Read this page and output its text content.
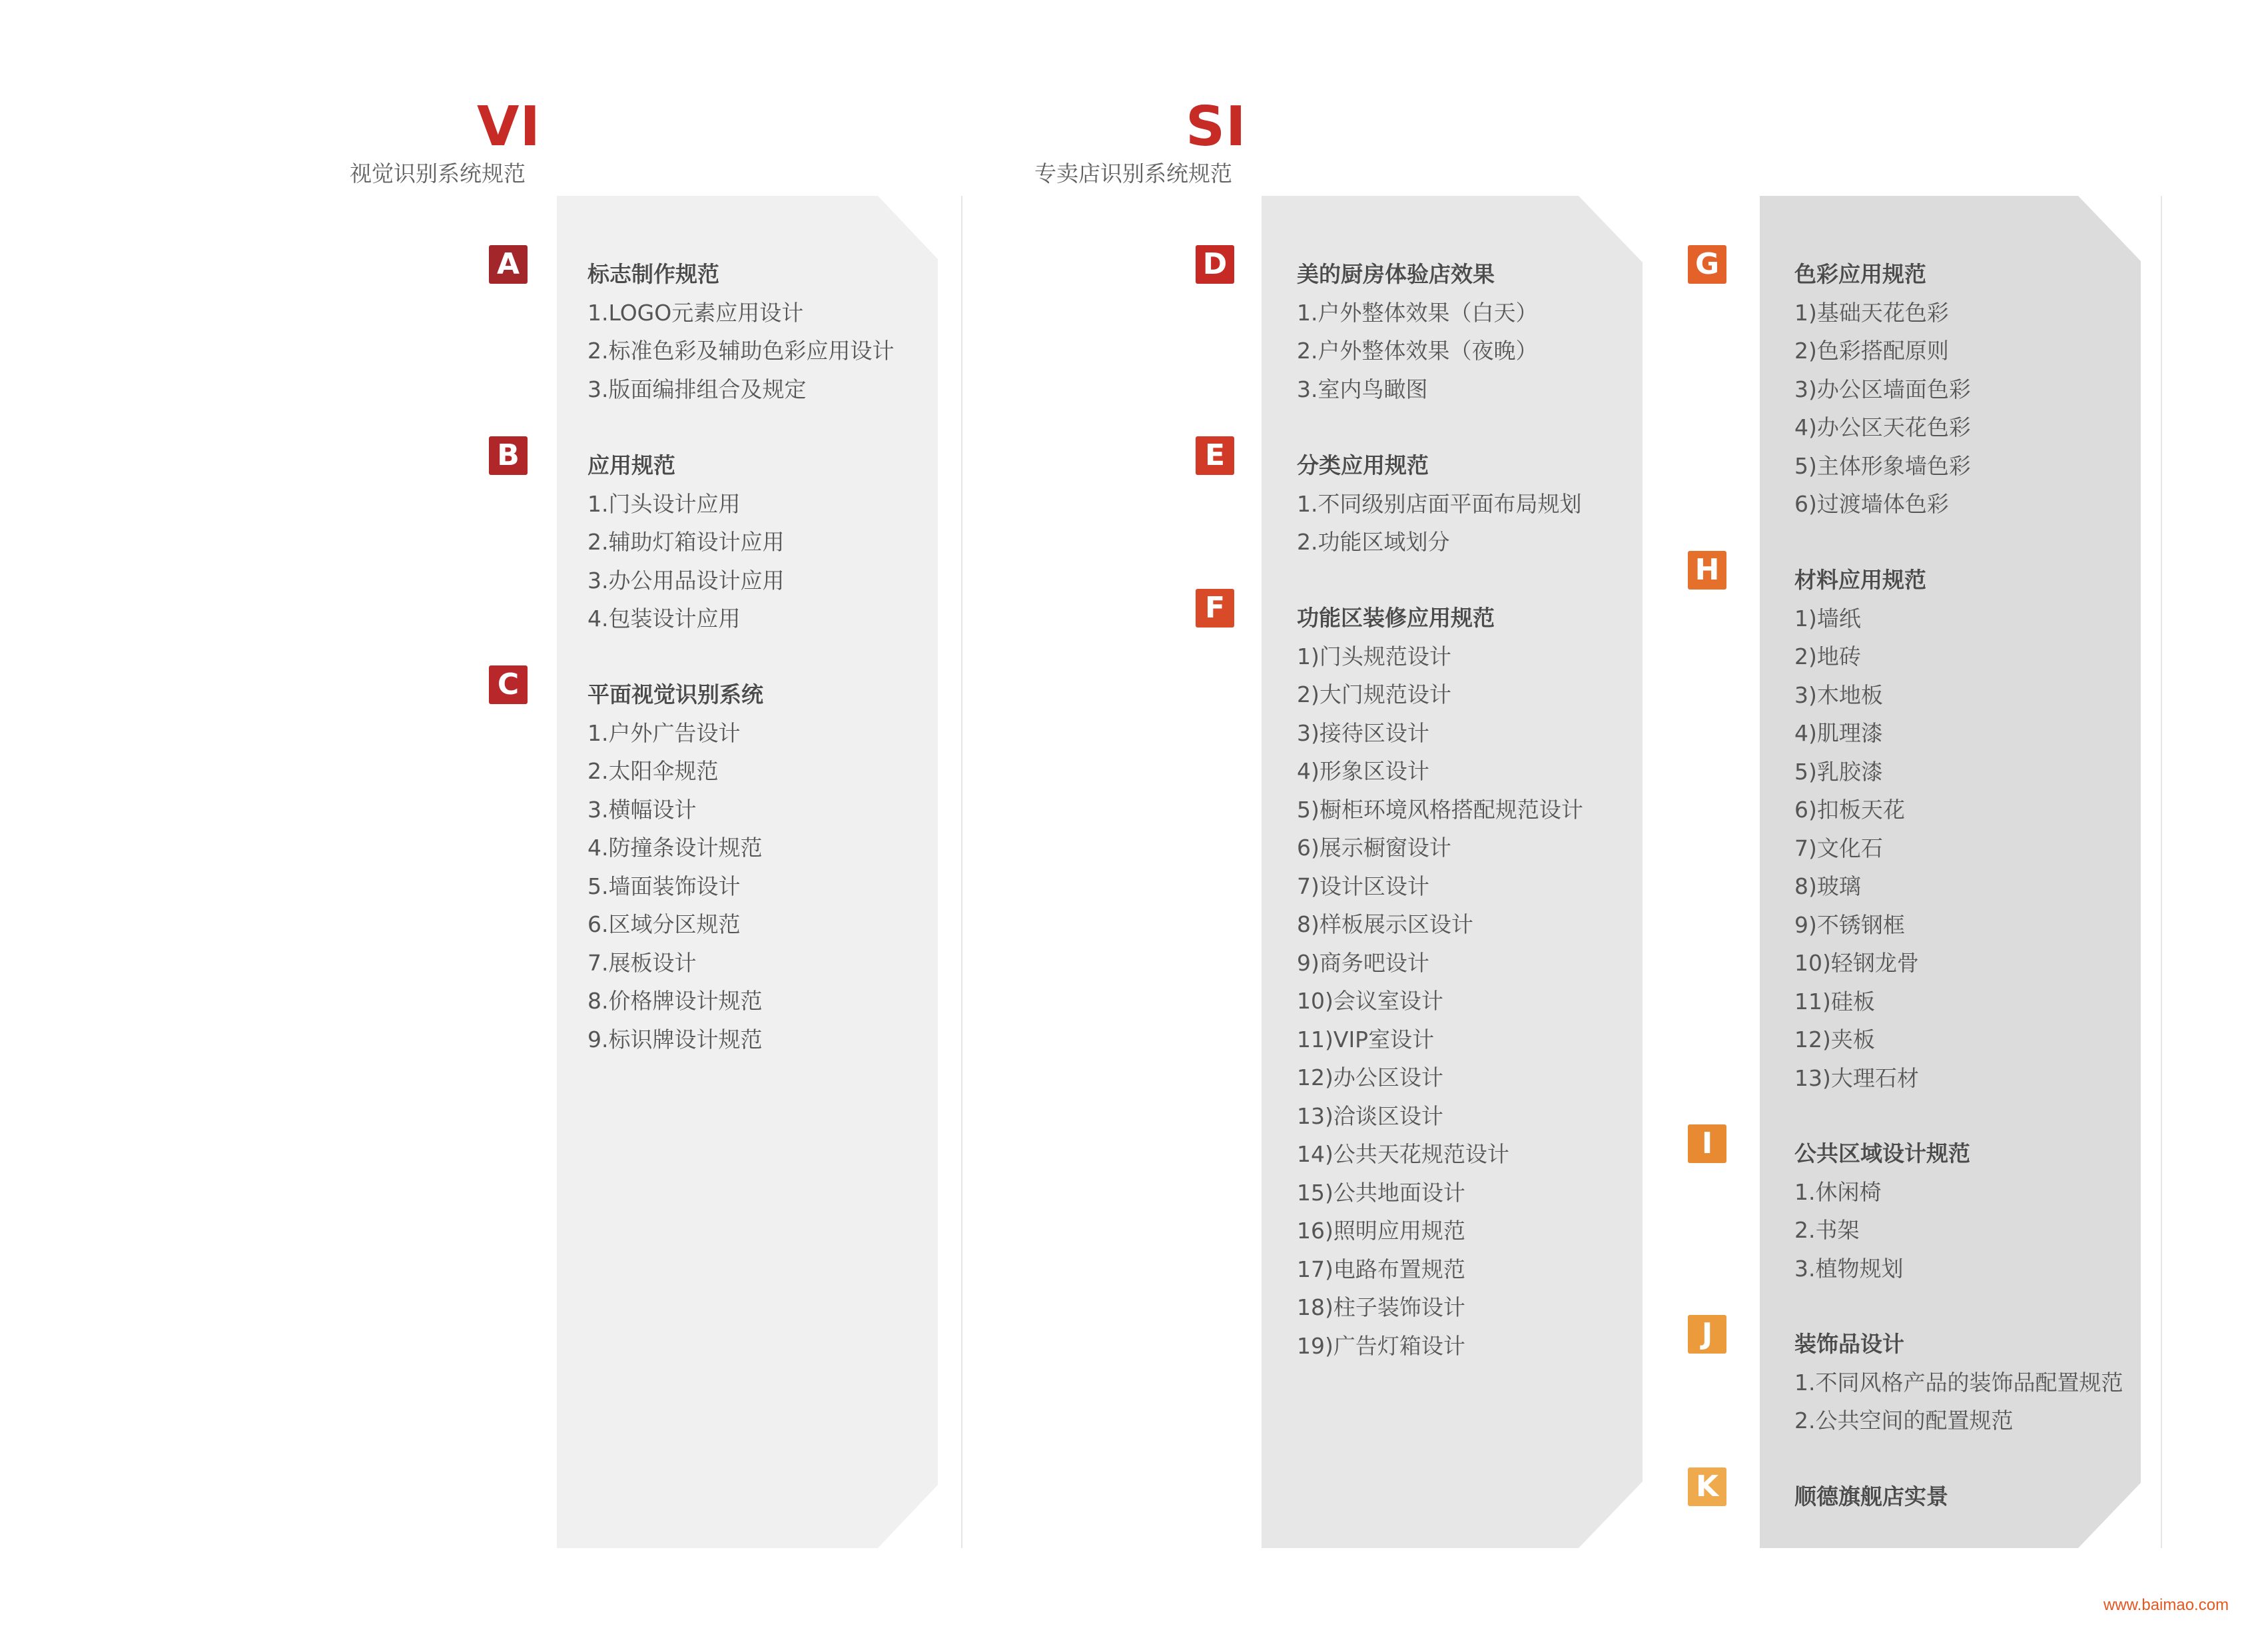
VI
视觉识别系统规范
SI
专卖店识别系统规范
A
B
C
D
E
F
G
H
I
J
K
标志制作规范
1.LOGO元素应用设计
2.标准色彩及辅助色彩应用设计
3.版面编排组合及规定
应用规范
1.门头设计应用
2.辅助灯箱设计应用
3.办公用品设计应用
4.包装设计应用
平面视觉识别系统
1.户外广告设计
2.太阳伞规范
3.横幅设计
4.防撞条设计规范
5.墙面装饰设计
6.区域分区规范
7.展板设计
8.价格牌设计规范
9.标识牌设计规范
美的厨房体验店效果
1.户外整体效果（白天）
2.户外整体效果（夜晚）
3.室内鸟瞰图
分类应用规范
1.不同级别店面平面布局规划
2.功能区域划分
功能区装修应用规范
1)门头规范设计
2)大门规范设计
3)接待区设计
4)形象区设计
5)橱柜环境风格搭配规范设计
6)展示橱窗设计
7)设计区设计
8)样板展示区设计
9)商务吧设计
10)会议室设计
11)VIP室设计
12)办公区设计
13)洽谈区设计
14)公共天花规范设计
15)公共地面设计
16)照明应用规范
17)电路布置规范
18)柱子装饰设计
19)广告灯箱设计
色彩应用规范
1)基础天花色彩
2)色彩搭配原则
3)办公区墙面色彩
4)办公区天花色彩
5)主体形象墙色彩
6)过渡墙体色彩
材料应用规范
1)墙纸
2)地砖
3)木地板
4)肌理漆
5)乳胶漆
6)扣板天花
7)文化石
8)玻璃
9)不锈钢框
10)轻钢龙骨
11)硅板
12)夹板
13)大理石材
公共区域设计规范
1.休闲椅
2.书架
3.植物规划
装饰品设计
1.不同风格产品的装饰品配置规范
2.公共空间的配置规范
顺德旗舰店实景
www.baimao.com
